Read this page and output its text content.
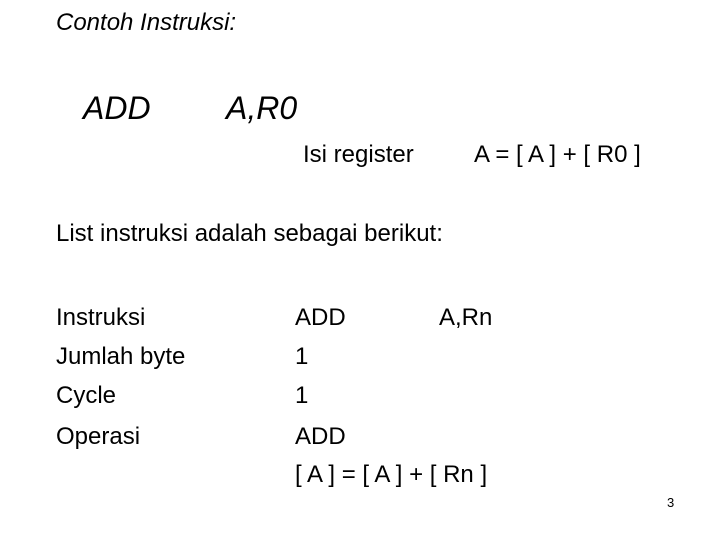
Contoh Instruksi:
ADD A,R0
Isi register	A = [ A ] + [ R0 ]
List instruksi adalah sebagai berikut:
Instruksi	ADD	A,Rn
Jumlah byte	1
Cycle	1
Operasi	ADD
[ A ] = [ A ] + [ Rn ]
3
